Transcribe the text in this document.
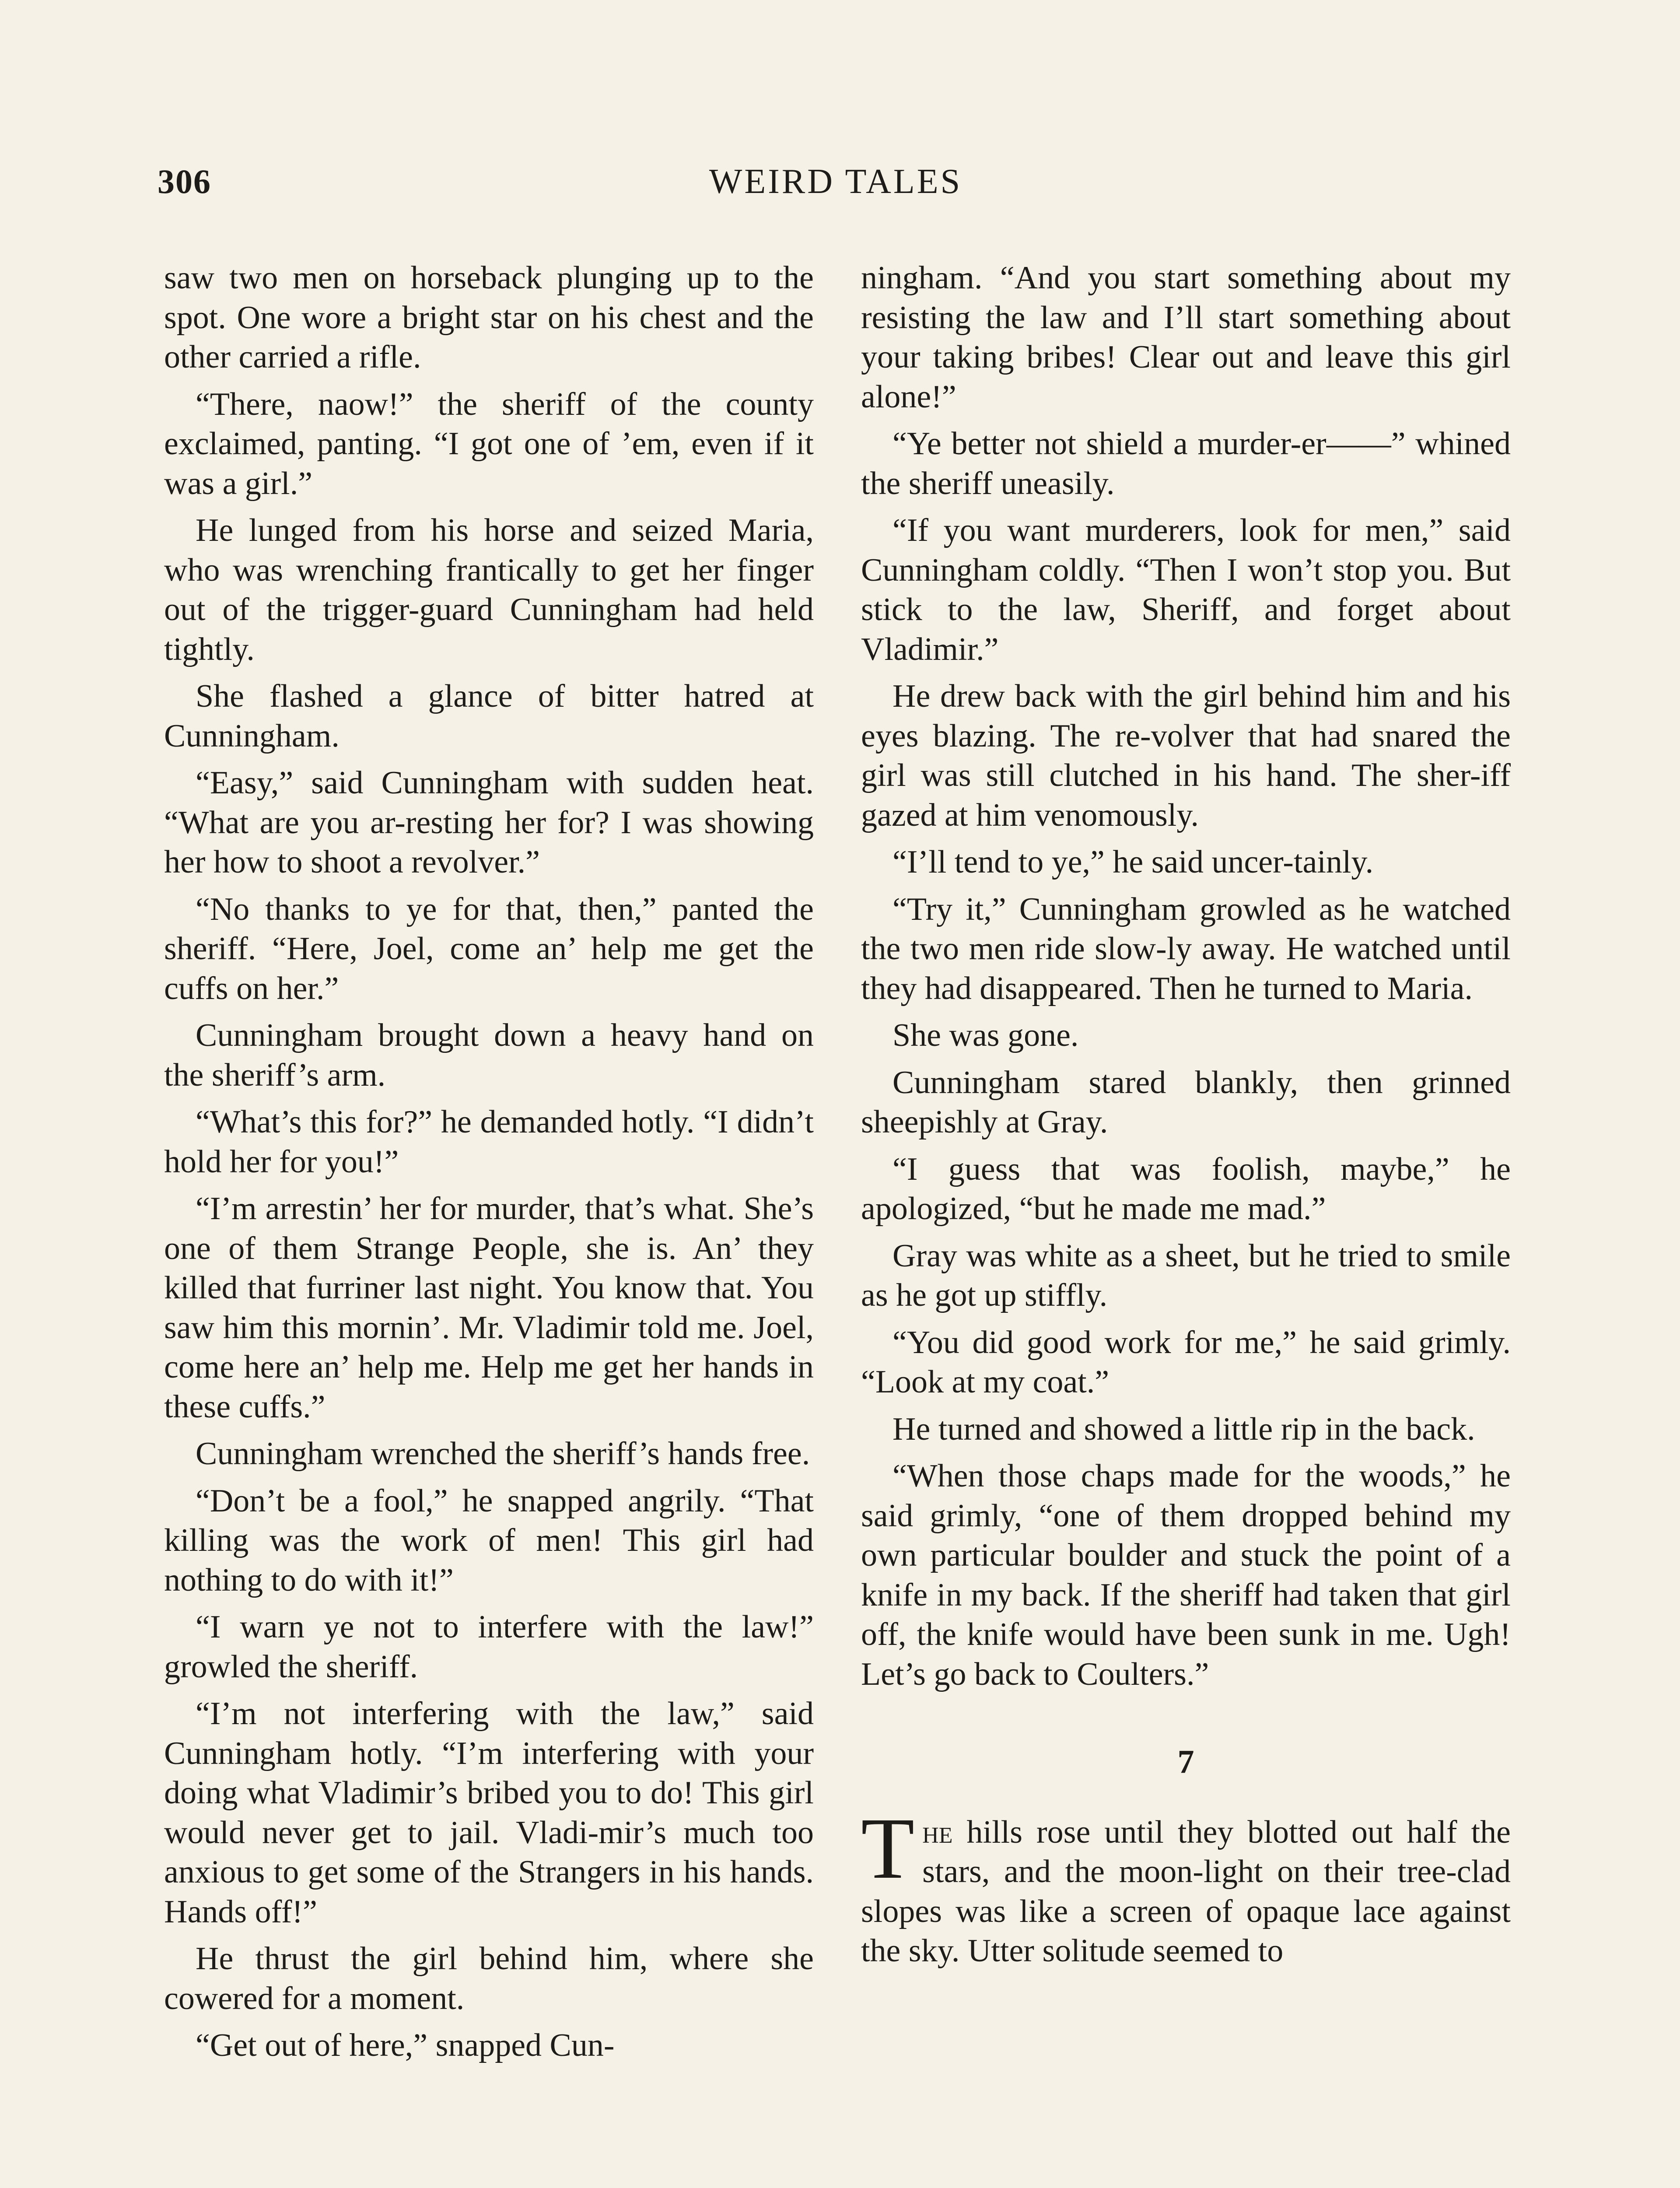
306	WEIRD TALES

saw two men on horseback plunging up to the spot. One wore a bright star on his chest and the other carried a rifle.

“There, naow!” the sheriff of the county exclaimed, panting. “I got one of ’em, even if it was a girl.”

He lunged from his horse and seized Maria, who was wrenching frantically to get her finger out of the trigger-guard Cunningham had held tightly.

She flashed a glance of bitter hatred at Cunningham.

“Easy,” said Cunningham with sudden heat. “What are you ar-resting her for? I was showing her how to shoot a revolver.”

“No thanks to ye for that, then,” panted the sheriff. “Here, Joel, come an’ help me get the cuffs on her.”

Cunningham brought down a heavy hand on the sheriff’s arm.

“What’s this for?” he demanded hotly. “I didn’t hold her for you!”

“I’m arrestin’ her for murder, that’s what. She’s one of them Strange People, she is. An’ they killed that furriner last night. You know that. You saw him this mornin’. Mr. Vladimir told me. Joel, come here an’ help me. Help me get her hands in these cuffs.”

Cunningham wrenched the sheriff’s hands free.

“Don’t be a fool,” he snapped angrily. “That killing was the work of men! This girl had nothing to do with it!”

“I warn ye not to interfere with the law!” growled the sheriff.

“I’m not interfering with the law,” said Cunningham hotly. “I’m interfering with your doing what Vladimir’s bribed you to do! This girl would never get to jail. Vladi-mir’s much too anxious to get some of the Strangers in his hands. Hands off!”

He thrust the girl behind him, where she cowered for a moment.

“Get out of here,” snapped Cun-

ningham. “And you start something about my resisting the law and I’ll start something about your taking bribes! Clear out and leave this girl alone!”

“Ye better not shield a murder-er——” whined the sheriff uneasily.

“If you want murderers, look for men,” said Cunningham coldly. “Then I won’t stop you. But stick to the law, Sheriff, and forget about Vladimir.”

He drew back with the girl behind him and his eyes blazing. The re-volver that had snared the girl was still clutched in his hand. The sher-iff gazed at him venomously.

“I’ll tend to ye,” he said uncer-tainly.

“Try it,” Cunningham growled as he watched the two men ride slow-ly away. He watched until they had disappeared. Then he turned to Maria.

She was gone.

Cunningham stared blankly, then grinned sheepishly at Gray.

“I guess that was foolish, maybe,” he apologized, “but he made me mad.”

Gray was white as a sheet, but he tried to smile as he got up stiffly.

“You did good work for me,” he said grimly. “Look at my coat.”

He turned and showed a little rip in the back.

“When those chaps made for the woods,” he said grimly, “one of them dropped behind my own particular boulder and stuck the point of a knife in my back. If the sheriff had taken that girl off, the knife would have been sunk in me. Ugh! Let’s go back to Coulters.”

7

The hills rose until they blotted out half the stars, and the moon-light on their tree-clad slopes was like a screen of opaque lace against the sky. Utter solitude seemed to
